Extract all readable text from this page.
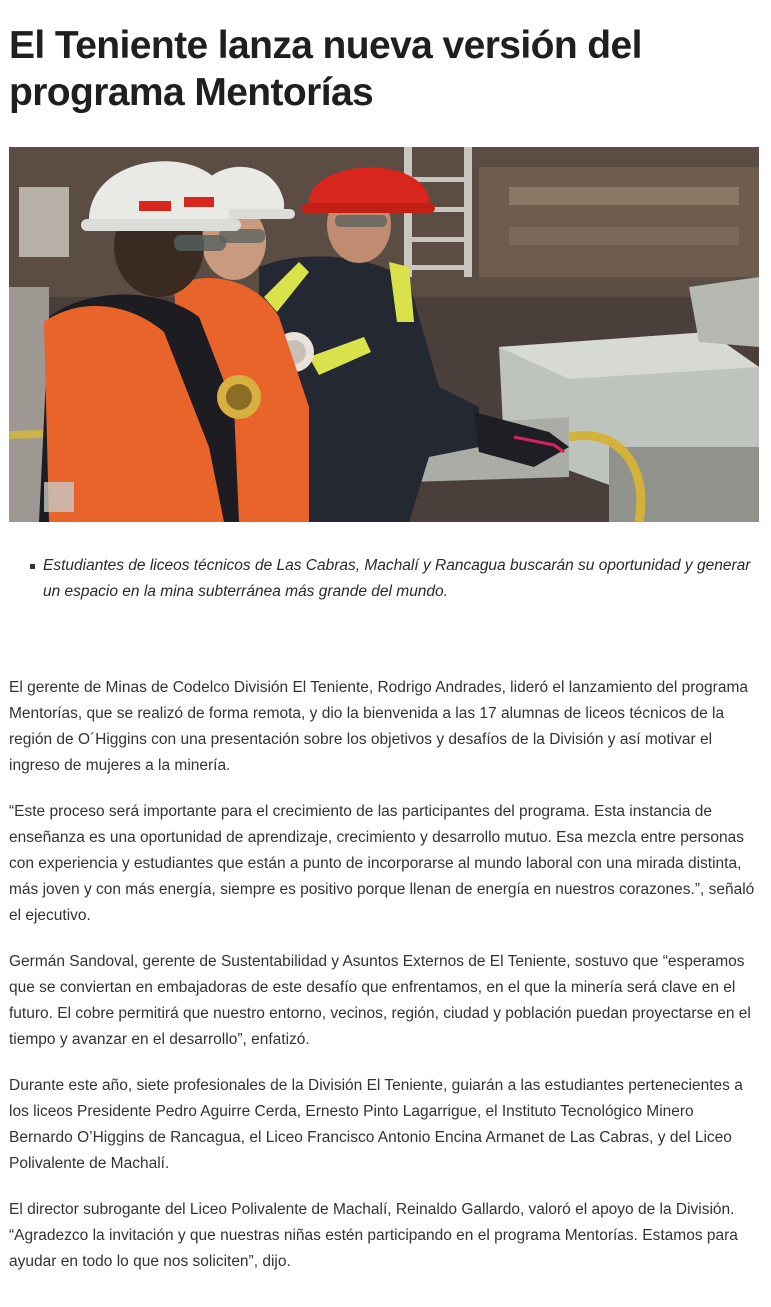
El Teniente lanza nueva versión del programa Mentorías
Estudiantes de liceos técnicos de Las Cabras, Machalí y Rancagua buscarán su oportunidad y generar un espacio en la mina subterránea más grande del mundo.

El gerente de Minas de Codelco División El Teniente, Rodrigo Andrades, lideró el lanzamiento del programa Mentorías, que se realizó de forma remota, y dio la bienvenida a las 17 alumnas de liceos técnicos de la región de O´Higgins con una presentación sobre los objetivos y desafíos de la División y así motivar el ingreso de mujeres a la minería.

“Este proceso será importante para el crecimiento de las participantes del programa. Esta instancia de enseñanza es una oportunidad de aprendizaje, crecimiento y desarrollo mutuo. Esa mezcla entre personas con experiencia y estudiantes que están a punto de incorporarse al mundo laboral con una mirada distinta, más joven y con más energía, siempre es positivo porque llenan de energía en nuestros corazones.”, señaló el ejecutivo.

Germán Sandoval, gerente de Sustentabilidad y Asuntos Externos de El Teniente, sostuvo que “esperamos que se conviertan en embajadoras de este desafío que enfrentamos, en el que la minería será clave en el futuro. El cobre permitirá que nuestro entorno, vecinos, región, ciudad y población puedan proyectarse en el tiempo y avanzar en el desarrollo”, enfatizó.

Durante este año, siete profesionales de la División El Teniente, guiarán a las estudiantes pertenecientes a los liceos Presidente Pedro Aguirre Cerda, Ernesto Pinto Lagarrigue, el Instituto Tecnológico Minero Bernardo O’Higgins de Rancagua, el Liceo Francisco Antonio Encina Armanet de Las Cabras, y del Liceo Polivalente de Machalí.

El director subrogante del Liceo Polivalente de Machalí, Reinaldo Gallardo, valoró el apoyo de la División. “Agradezco la invitación y que nuestras niñas estén participando en el programa Mentorías. Estamos para ayudar en todo lo que nos soliciten”, dijo.
